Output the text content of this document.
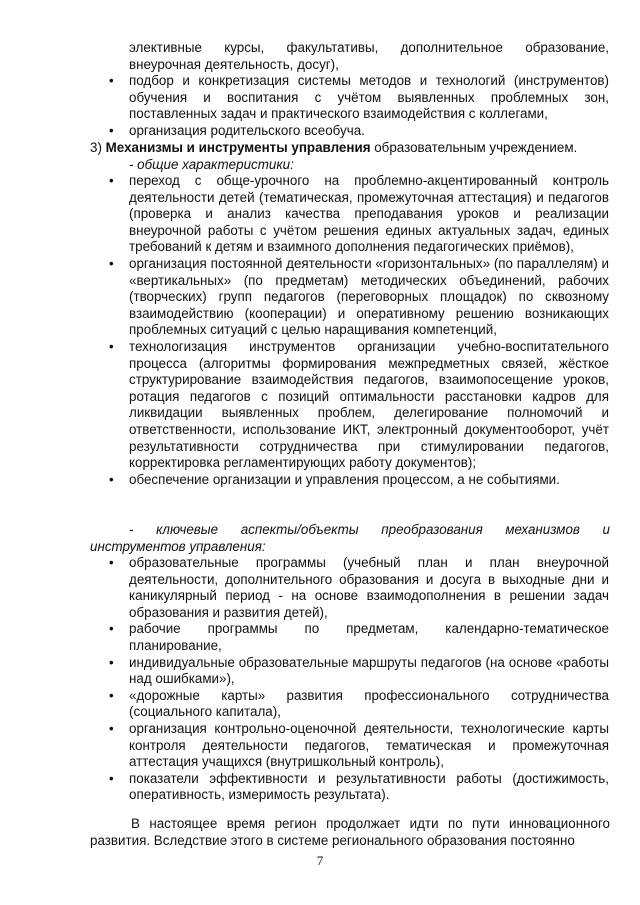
элективные курсы, факультативы, дополнительное образование, внеурочная деятельность, досуг),
• подбор и конкретизация системы методов и технологий (инструментов) обучения и воспитания с учётом выявленных проблемных зон, поставленных задач и практического взаимодействия с коллегами,
• организация родительского всеобуча.
3) Механизмы и инструменты управления образовательным учреждением.
- общие характеристики:
• переход с обще-урочного на проблемно-акцентированный контроль деятельности детей (тематическая, промежуточная аттестация) и педагогов (проверка и анализ качества преподавания уроков и реализации внеурочной работы с учётом решения единых актуальных задач, единых требований к детям и взаимного дополнения педагогических приёмов),
• организация постоянной деятельности «горизонтальных» (по параллелям) и «вертикальных» (по предметам) методических объединений, рабочих (творческих) групп педагогов (переговорных площадок) по сквозному взаимодействию (кооперации) и оперативному решению возникающих проблемных ситуаций с целью наращивания компетенций,
• технологизация инструментов организации учебно-воспитательного процесса (алгоритмы формирования межпредметных связей, жёсткое структурирование взаимодействия педагогов, взаимопосещение уроков, ротация педагогов с позиций оптимальности расстановки кадров для ликвидации выявленных проблем, делегирование полномочий и ответственности, использование ИКТ, электронный документооборот, учёт результативности сотрудничества при стимулировании педагогов, корректировка регламентирующих работу документов);
• обеспечение организации и управления процессом, а не событиями.
- ключевые аспекты/объекты преобразования механизмов и инструментов управления:
• образовательные программы (учебный план и план внеурочной деятельности, дополнительного образования и досуга в выходные дни и каникулярный период - на основе взаимодополнения в решении задач образования и развития детей),
• рабочие программы по предметам, календарно-тематическое планирование,
• индивидуальные образовательные маршруты педагогов (на основе «работы над ошибками»),
• «дорожные карты» развития профессионального сотрудничества (социального капитала),
• организация контрольно-оценочной деятельности, технологические карты контроля деятельности педагогов, тематическая и промежуточная аттестация учащихся (внутришкольный контроль),
• показатели эффективности и результативности работы (достижимость, оперативность, измеримость результата).
В настоящее время регион продолжает идти по пути инновационного развития. Вследствие этого в системе регионального образования постоянно
7
